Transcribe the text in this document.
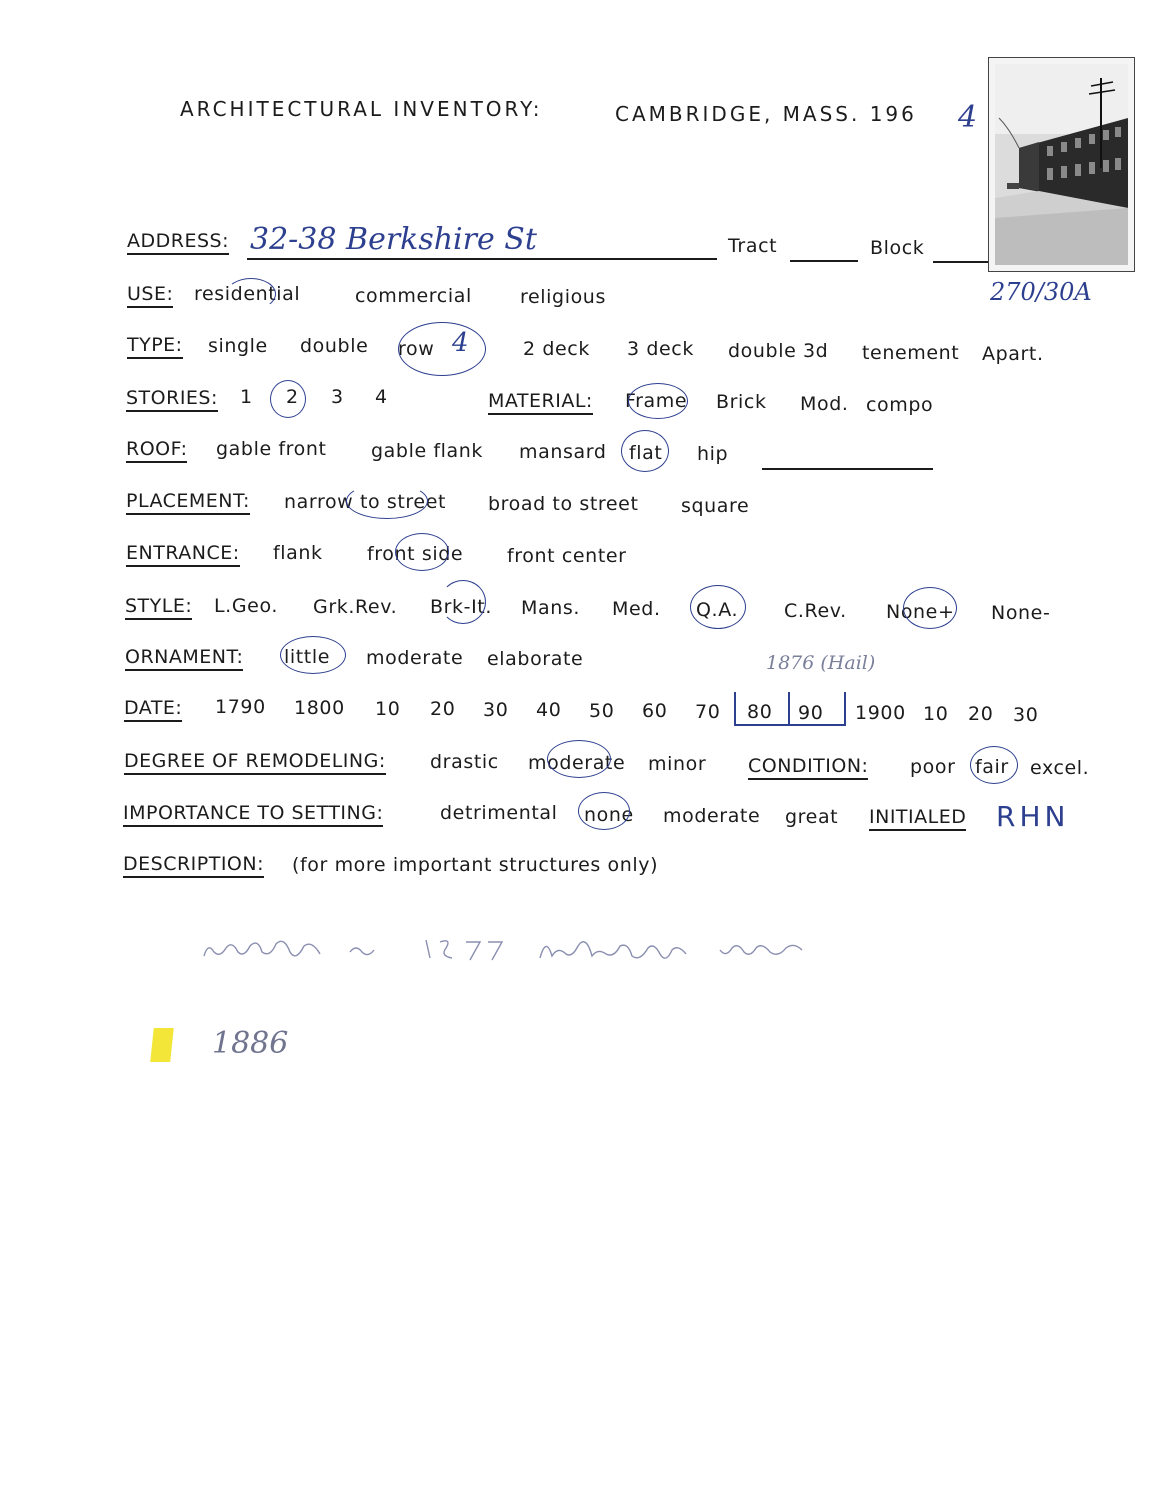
ARCHITECTURAL INVENTORY:	CAMBRIDGE, MASS. 196 4
270/30A
ADDRESS: 32-38 Berkshire St	Tract	Block
USE: residential	commercial	religious
TYPE: single double row 4	2 deck 3 deck double 3d tenement Apart.
STORIES: 1 2 3 4	MATERIAL: Frame Brick Mod. compo
ROOF: gable front gable flank mansard flat hip
PLACEMENT: narrow to street broad to street square
ENTRANCE: flank front side front center
STYLE: L.Geo. Grk.Rev. Brk-It. Mans. Med. Q.A. C.Rev. None+ None-
ORNAMENT: little moderate elaborate	1876 (Hail)
DATE: 1790 1800 10 20 30 40 50 60 70 80 90 1900 10 20 30
DEGREE OF REMODELING: drastic moderate minor CONDITION: poor fair excel.
IMPORTANCE TO SETTING:	detrimental none moderate great INITIALED RHN
DESCRIPTION: (for more important structures only)
1886
